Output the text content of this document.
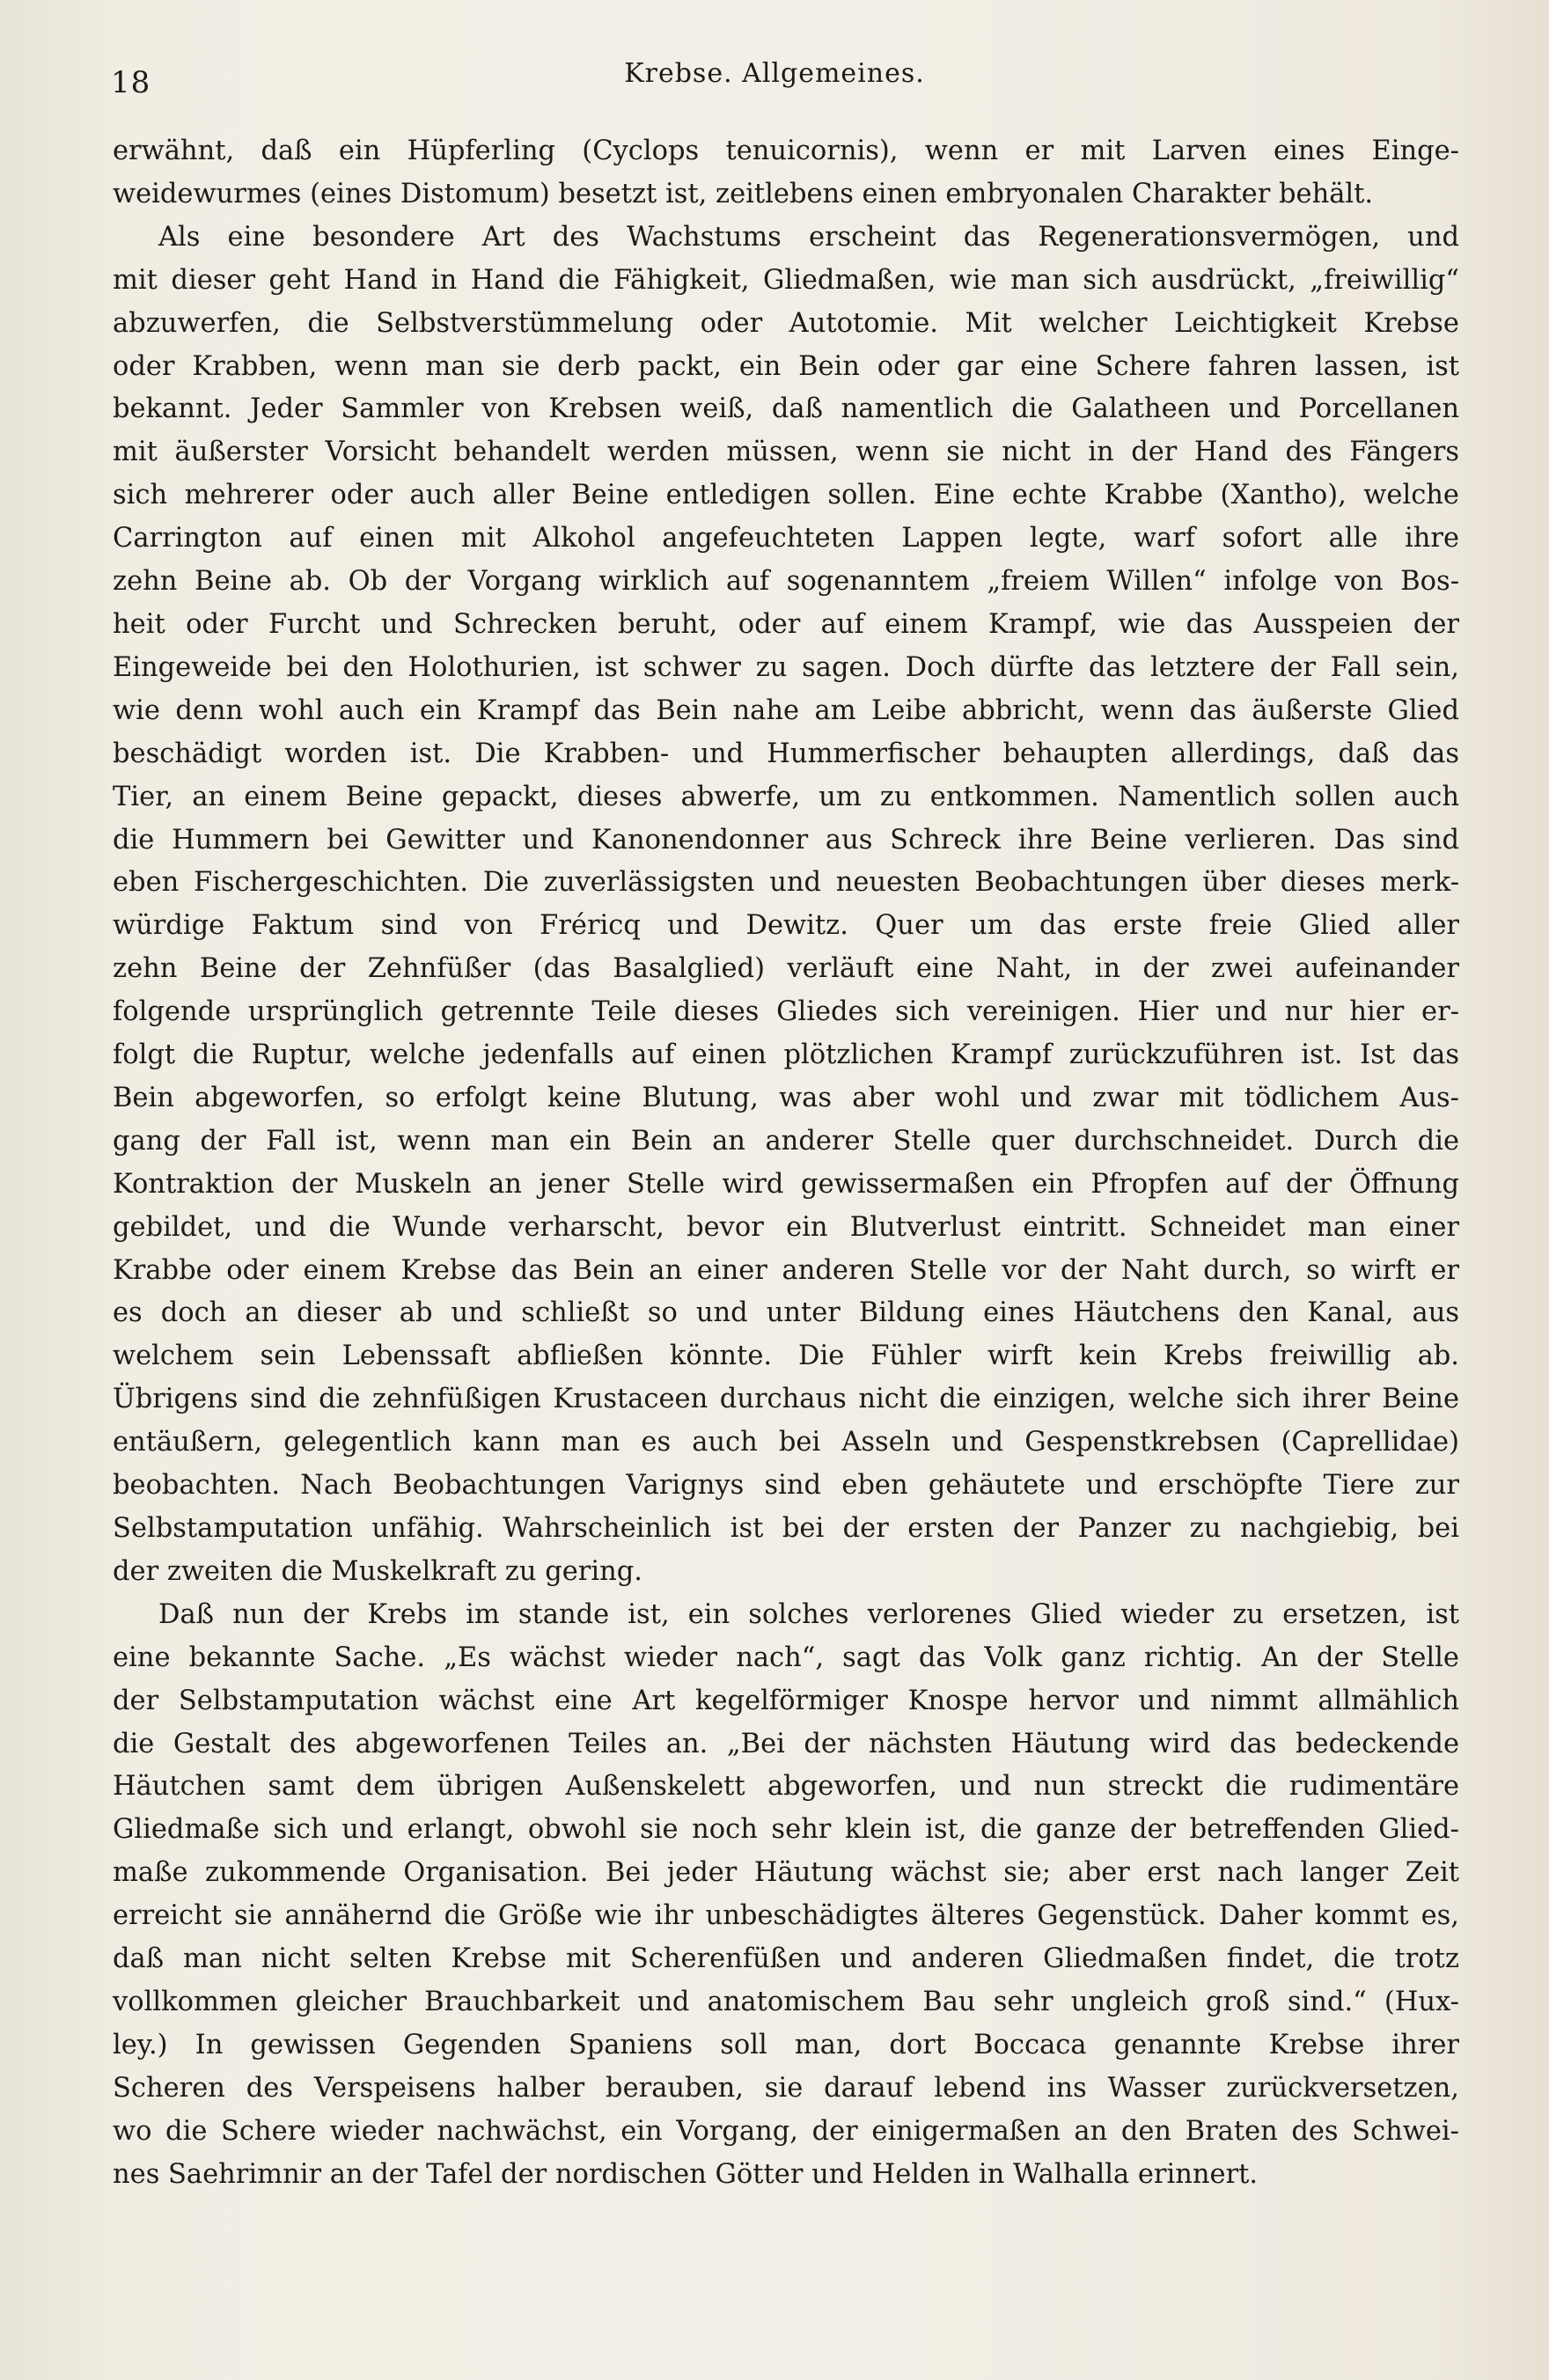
18	Krebse. Allgemeines.
erwähnt, daß ein Hüpferling (Cyclops tenuicornis), wenn er mit Larven eines Einge-
weidewurmes (eines Distomum) besetzt ist, zeitlebens einen embryonalen Charakter behält.
Als eine besondere Art des Wachstums erscheint das Regenerationsvermögen, und
mit dieser geht Hand in Hand die Fähigkeit, Gliedmaßen, wie man sich ausdrückt, „freiwillig“
abzuwerfen, die Selbstverstümmelung oder Autotomie. Mit welcher Leichtigkeit Krebse
oder Krabben, wenn man sie derb packt, ein Bein oder gar eine Schere fahren lassen, ist
bekannt. Jeder Sammler von Krebsen weiß, daß namentlich die Galatheen und Porcellanen
mit äußerster Vorsicht behandelt werden müssen, wenn sie nicht in der Hand des Fängers
sich mehrerer oder auch aller Beine entledigen sollen. Eine echte Krabbe (Xantho), welche
Carrington auf einen mit Alkohol angefeuchteten Lappen legte, warf sofort alle ihre
zehn Beine ab. Ob der Vorgang wirklich auf sogenanntem „freiem Willen“ infolge von Bos-
heit oder Furcht und Schrecken beruht, oder auf einem Krampf, wie das Ausspeien der
Eingeweide bei den Holothurien, ist schwer zu sagen. Doch dürfte das letztere der Fall sein,
wie denn wohl auch ein Krampf das Bein nahe am Leibe abbricht, wenn das äußerste Glied
beschädigt worden ist. Die Krabben- und Hummerfischer behaupten allerdings, daß das
Tier, an einem Beine gepackt, dieses abwerfe, um zu entkommen. Namentlich sollen auch
die Hummern bei Gewitter und Kanonendonner aus Schreck ihre Beine verlieren. Das sind
eben Fischergeschichten. Die zuverlässigsten und neuesten Beobachtungen über dieses merk-
würdige Faktum sind von Fréricq und Dewitz. Quer um das erste freie Glied aller
zehn Beine der Zehnfüßer (das Basalglied) verläuft eine Naht, in der zwei aufeinander
folgende ursprünglich getrennte Teile dieses Gliedes sich vereinigen. Hier und nur hier er-
folgt die Ruptur, welche jedenfalls auf einen plötzlichen Krampf zurückzuführen ist. Ist das
Bein abgeworfen, so erfolgt keine Blutung, was aber wohl und zwar mit tödlichem Aus-
gang der Fall ist, wenn man ein Bein an anderer Stelle quer durchschneidet. Durch die
Kontraktion der Muskeln an jener Stelle wird gewissermaßen ein Pfropfen auf der Öffnung
gebildet, und die Wunde verharscht, bevor ein Blutverlust eintritt. Schneidet man einer
Krabbe oder einem Krebse das Bein an einer anderen Stelle vor der Naht durch, so wirft er
es doch an dieser ab und schließt so und unter Bildung eines Häutchens den Kanal, aus
welchem sein Lebenssaft abfließen könnte. Die Fühler wirft kein Krebs freiwillig ab.
Übrigens sind die zehnfüßigen Krustaceen durchaus nicht die einzigen, welche sich ihrer Beine
entäußern, gelegentlich kann man es auch bei Asseln und Gespenstkrebsen (Caprellidae)
beobachten. Nach Beobachtungen Varignys sind eben gehäutete und erschöpfte Tiere zur
Selbstamputation unfähig. Wahrscheinlich ist bei der ersten der Panzer zu nachgiebig, bei
der zweiten die Muskelkraft zu gering.
Daß nun der Krebs im stande ist, ein solches verlorenes Glied wieder zu ersetzen, ist
eine bekannte Sache. „Es wächst wieder nach“, sagt das Volk ganz richtig. An der Stelle
der Selbstamputation wächst eine Art kegelförmiger Knospe hervor und nimmt allmählich
die Gestalt des abgeworfenen Teiles an. „Bei der nächsten Häutung wird das bedeckende
Häutchen samt dem übrigen Außenskelett abgeworfen, und nun streckt die rudimentäre
Gliedmaße sich und erlangt, obwohl sie noch sehr klein ist, die ganze der betreffenden Glied-
maße zukommende Organisation. Bei jeder Häutung wächst sie; aber erst nach langer Zeit
erreicht sie annähernd die Größe wie ihr unbeschädigtes älteres Gegenstück. Daher kommt es,
daß man nicht selten Krebse mit Scherenfüßen und anderen Gliedmaßen findet, die trotz
vollkommen gleicher Brauchbarkeit und anatomischem Bau sehr ungleich groß sind.“ (Hux-
ley.) In gewissen Gegenden Spaniens soll man, dort Boccaca genannte Krebse ihrer
Scheren des Verspeisens halber berauben, sie darauf lebend ins Wasser zurückversetzen,
wo die Schere wieder nachwächst, ein Vorgang, der einigermaßen an den Braten des Schwei-
nes Saehrimnir an der Tafel der nordischen Götter und Helden in Walhalla erinnert.
